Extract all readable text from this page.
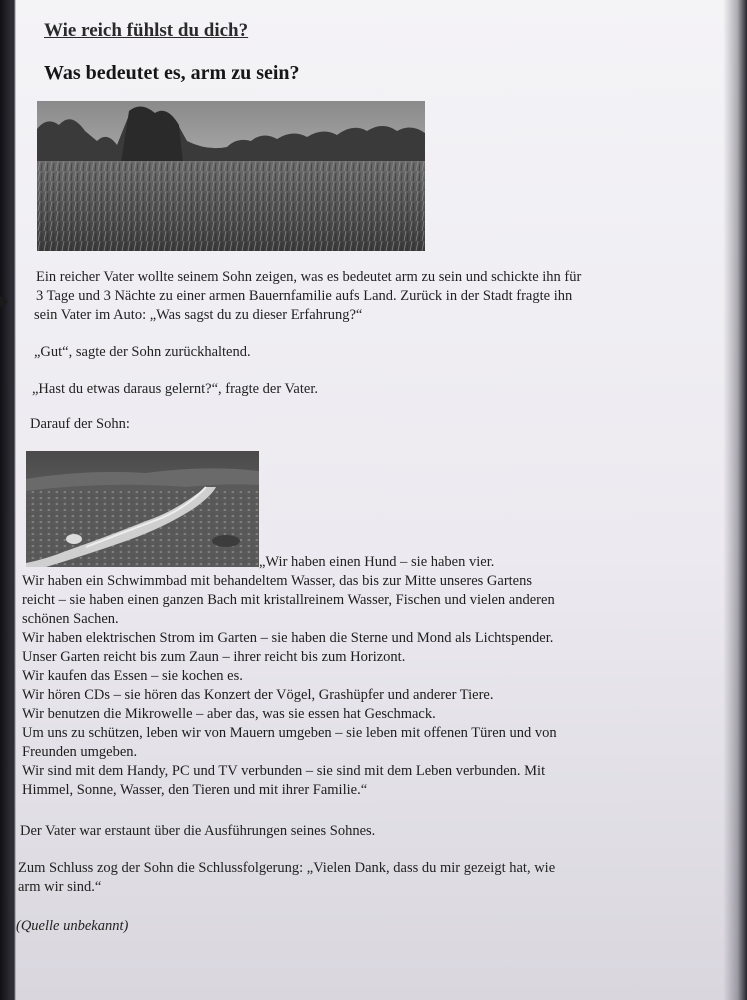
Wie reich fühlst du dich?
Was bedeutet es, arm zu sein?

Ein reicher Vater wollte seinem Sohn zeigen, was es bedeutet arm zu sein und schickte ihn für

3 Tage und 3 Nächte zu einer armen Bauernfamilie aufs Land. Zurück in der Stadt fragte ihn

sein Vater im Auto: „Was sagst du zu dieser Erfahrung?“

„Gut“, sagte der Sohn zurückhaltend.

„Hast du etwas daraus gelernt?“, fragte der Vater.

Darauf der Sohn:

„Wir haben einen Hund – sie haben vier.

Wir haben ein Schwimmbad mit behandeltem Wasser, das bis zur Mitte unseres Gartens
reicht – sie haben einen ganzen Bach mit kristallreinem Wasser, Fischen und vielen anderen
schönen Sachen.
Wir haben elektrischen Strom im Garten – sie haben die Sterne und Mond als Lichtspender.
Unser Garten reicht bis zum Zaun – ihrer reicht bis zum Horizont.
Wir kaufen das Essen – sie kochen es.
Wir hören CDs – sie hören das Konzert der Vögel, Grashüpfer und anderer Tiere.
Wir benutzen die Mikrowelle – aber das, was sie essen hat Geschmack.
Um uns zu schützen, leben wir von Mauern umgeben – sie leben mit offenen Türen und von
Freunden umgeben.
Wir sind mit dem Handy, PC und TV verbunden – sie sind mit dem Leben verbunden. Mit
Himmel, Sonne, Wasser, den Tieren und mit ihrer Familie.“

Der Vater war erstaunt über die Ausführungen seines Sohnes.

Zum Schluss zog der Sohn die Schlussfolgerung: „Vielen Dank, dass du mir gezeigt hat, wie

arm wir sind.“

(Quelle unbekannt)
